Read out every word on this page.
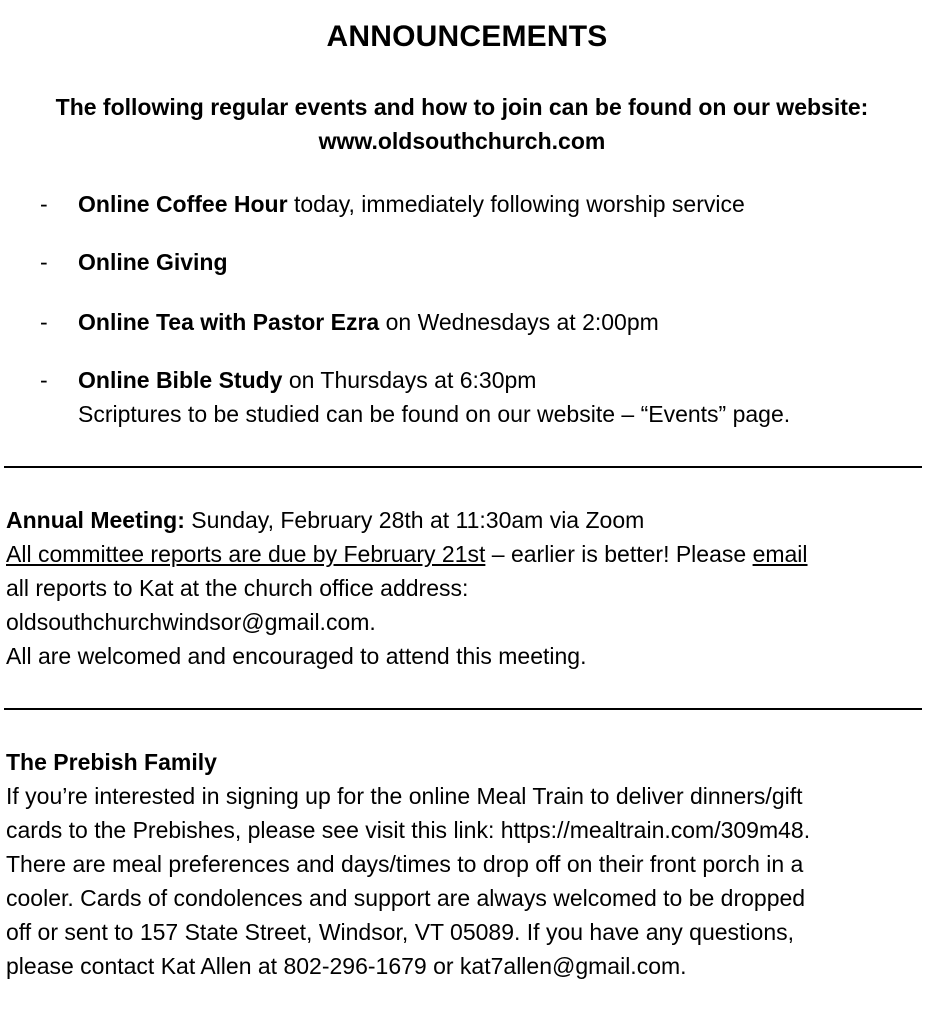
ANNOUNCEMENTS
The following regular events and how to join can be found on our website:
www.oldsouthchurch.com
- Online Coffee Hour today, immediately following worship service
- Online Giving
- Online Tea with Pastor Ezra on Wednesdays at 2:00pm
- Online Bible Study on Thursdays at 6:30pm
Scriptures to be studied can be found on our website – “Events” page.
Annual Meeting: Sunday, February 28th at 11:30am via Zoom
All committee reports are due by February 21st – earlier is better! Please email
all reports to Kat at the church office address:
oldsouthchurchwindsor@gmail.com.
All are welcomed and encouraged to attend this meeting.
The Prebish Family
If you’re interested in signing up for the online Meal Train to deliver dinners/gift
cards to the Prebishes, please see visit this link: https://mealtrain.com/309m48.
There are meal preferences and days/times to drop off on their front porch in a
cooler. Cards of condolences and support are always welcomed to be dropped
off or sent to 157 State Street, Windsor, VT 05089. If you have any questions,
please contact Kat Allen at 802-296-1679 or kat7allen@gmail.com.
